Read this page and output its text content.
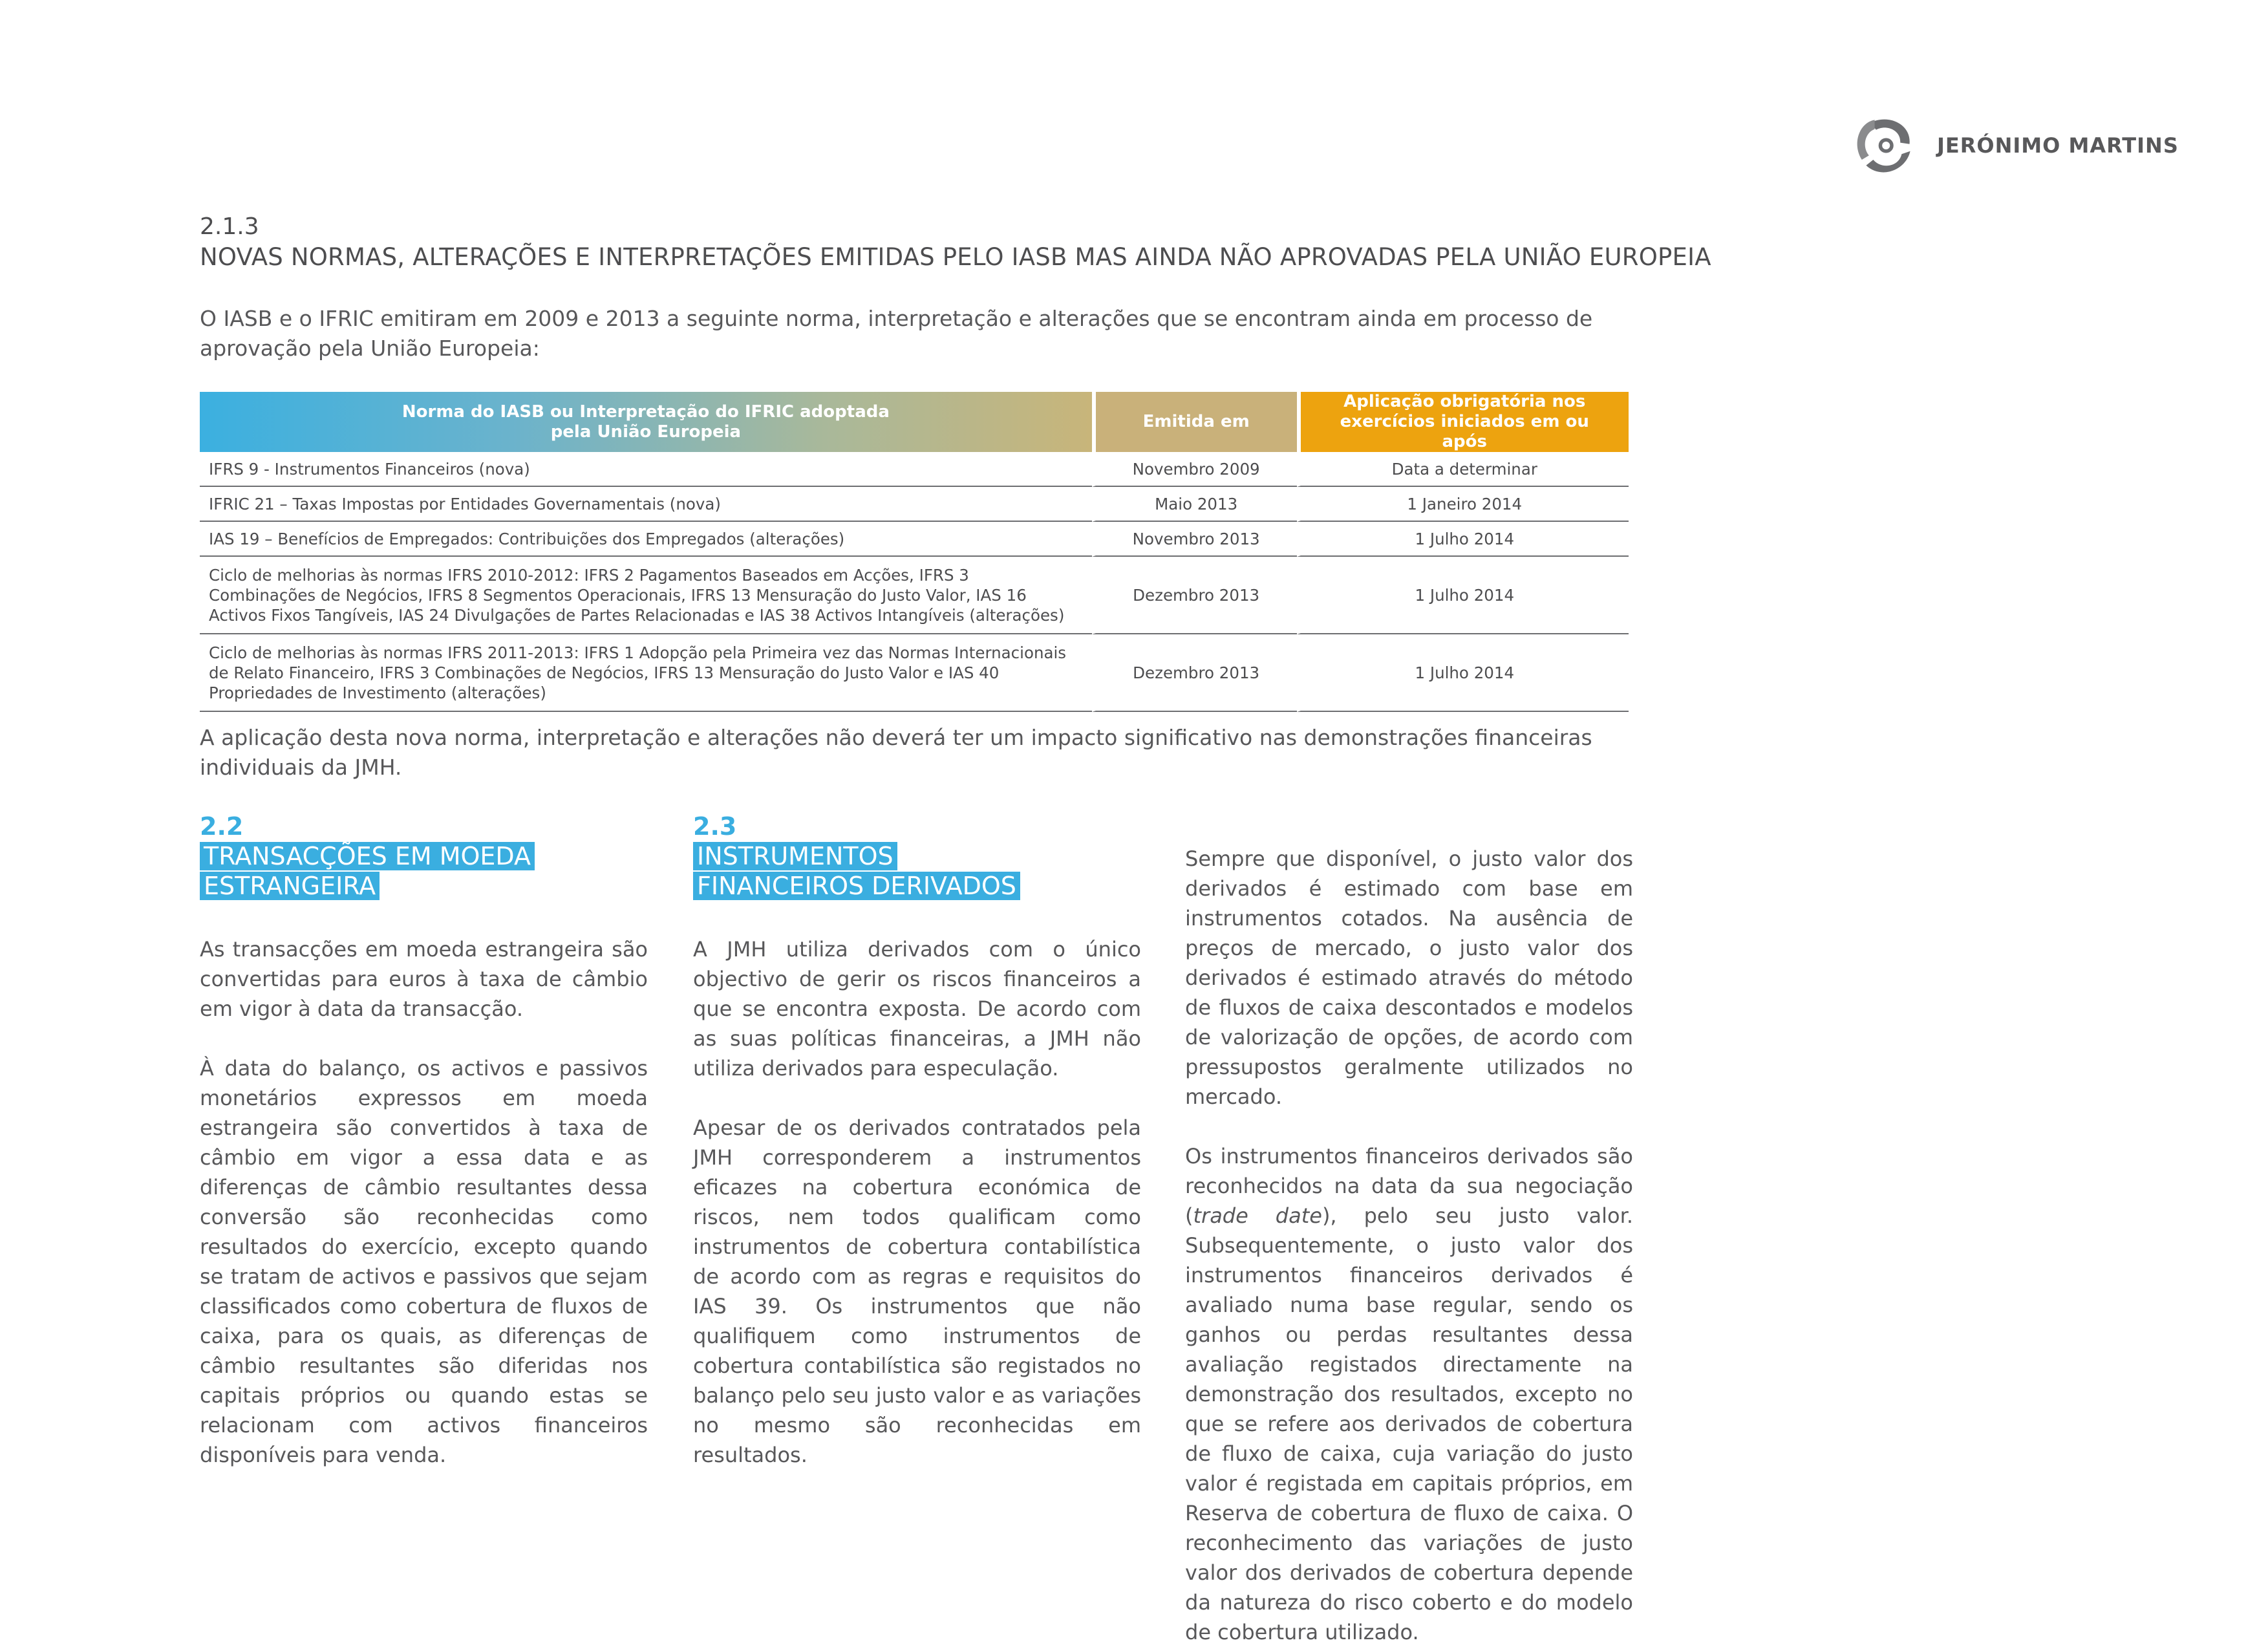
JERÓNIMO MARTINS
2.1.3
NOVAS NORMAS, ALTERAÇÕES E INTERPRETAÇÕES EMITIDAS PELO IASB MAS AINDA NÃO APROVADAS PELA UNIÃO EUROPEIA

O IASB e o IFRIC emitiram em 2009 e 2013 a seguinte norma, interpretação e alterações que se encontram ainda em processo de aprovação pela União Europeia:

Norma do IASB ou Interpretação do IFRIC adoptada pela União Europeia	Emitida em	Aplicação obrigatória nos exercícios iniciados em ou após

IFRS 9 - Instrumentos Financeiros (nova)	Novembro 2009	Data a determinar
IFRIC 21 – Taxas Impostas por Entidades Governamentais (nova)	Maio 2013	1 Janeiro 2014
IAS 19 – Benefícios de Empregados: Contribuições dos Empregados (alterações)	Novembro 2013	1 Julho 2014
Ciclo de melhorias às normas IFRS 2010-2012: IFRS 2 Pagamentos Baseados em Acções, IFRS 3 Combinações de Negócios, IFRS 8 Segmentos Operacionais, IFRS 13 Mensuração do Justo Valor, IAS 16 Activos Fixos Tangíveis, IAS 24 Divulgações de Partes Relacionadas e IAS 38 Activos Intangíveis (alterações)	Dezembro 2013	1 Julho 2014
Ciclo de melhorias às normas IFRS 2011-2013: IFRS 1 Adopção pela Primeira vez das Normas Internacionais de Relato Financeiro, IFRS 3 Combinações de Negócios, IFRS 13 Mensuração do Justo Valor e IAS 40 Propriedades de Investimento (alterações)	Dezembro 2013	1 Julho 2014

A aplicação desta nova norma, interpretação e alterações não deverá ter um impacto significativo nas demonstrações financeiras individuais da JMH.

2.2
TRANSACÇÕES EM MOEDA
ESTRANGEIRA

As transacções em moeda estrangeira são convertidas para euros à taxa de câmbio em vigor à data da transacção.

À data do balanço, os activos e passivos monetários expressos em moeda estrangeira são convertidos à taxa de câmbio em vigor a essa data e as diferenças de câmbio resultantes dessa conversão são reconhecidas como resultados do exercício, excepto quando se tratam de activos e passivos que sejam classificados como cobertura de fluxos de caixa, para os quais, as diferenças de câmbio resultantes são diferidas nos capitais próprios ou quando estas se relacionam com activos financeiros disponíveis para venda.

2.3
INSTRUMENTOS
FINANCEIROS DERIVADOS

A JMH utiliza derivados com o único objectivo de gerir os riscos financeiros a que se encontra exposta. De acordo com as suas políticas financeiras, a JMH não utiliza derivados para especulação.

Apesar de os derivados contratados pela JMH corresponderem a instrumentos eficazes na cobertura económica de riscos, nem todos qualificam como instrumentos de cobertura contabilística de acordo com as regras e requisitos do IAS 39. Os instrumentos que não qualifiquem como instrumentos de cobertura contabilística são registados no balanço pelo seu justo valor e as variações no mesmo são reconhecidas em resultados.

Sempre que disponível, o justo valor dos derivados é estimado com base em instrumentos cotados. Na ausência de preços de mercado, o justo valor dos derivados é estimado através do método de fluxos de caixa descontados e modelos de valorização de opções, de acordo com pressupostos geralmente utilizados no mercado.

Os instrumentos financeiros derivados são reconhecidos na data da sua negociação (trade date), pelo seu justo valor. Subsequentemente, o justo valor dos instrumentos financeiros derivados é avaliado numa base regular, sendo os ganhos ou perdas resultantes dessa avaliação registados directamente na demonstração dos resultados, excepto no que se refere aos derivados de cobertura de fluxo de caixa, cuja variação do justo valor é registada em capitais próprios, em Reserva de cobertura de fluxo de caixa. O reconhecimento das variações de justo valor dos derivados de cobertura depende da natureza do risco coberto e do modelo de cobertura utilizado.
